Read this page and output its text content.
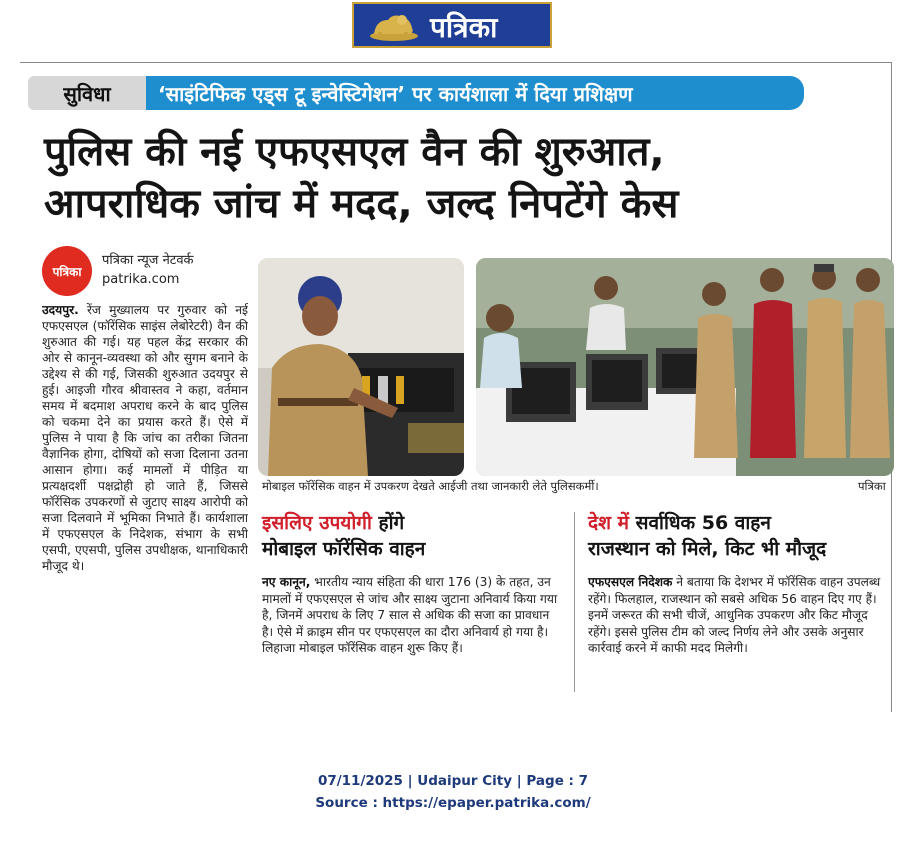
पत्रिका
सुविधा	‘साइंटिफिक एड्स टू इन्वेस्टिगेशन’ पर कार्यशाला में दिया प्रशिक्षण
पुलिस की नई एफएसएल वैन की शुरुआत,
आपराधिक जांच में मदद, जल्द निपटेंगे केस
पत्रिका
पत्रिका न्यूज नेटवर्क
patrika.com
उदयपुर. रेंज मुख्यालय पर गुरुवार को नई एफएसएल (फॉरेंसिक साइंस लेबोरेटरी) वैन की शुरुआत की गई। यह पहल केंद्र सरकार की ओर से कानून-व्यवस्था को और सुगम बनाने के उद्देश्य से की गई, जिसकी शुरुआत उदयपुर से हुई। आइजी गौरव श्रीवास्तव ने कहा, वर्तमान समय में बदमाश अपराध करने के बाद पुलिस को चकमा देने का प्रयास करते हैं। ऐसे में पुलिस ने पाया है कि जांच का तरीका जितना वैज्ञानिक होगा, दोषियों को सजा दिलाना उतना आसान होगा। कई मामलों में पीड़ित या प्रत्यक्षदर्शी पक्षद्रोही हो जाते हैं, जिससे फॉरेंसिक उपकरणों से जुटाए साक्ष्य आरोपी को सजा दिलवाने में भूमिका निभाते हैं। कार्यशाला में एफएसएल के निदेशक, संभाग के सभी एसपी, एएसपी, पुलिस उपधीक्षक, थानाधिकारी मौजूद थे।
मोबाइल फॉरेंसिक वाहन में उपकरण देखते आईजी तथा जानकारी लेते पुलिसकर्मी।	पत्रिका
इसलिए उपयोगी होंगे
मोबाइल फॉरेंसिक वाहन
देश में सर्वाधिक 56 वाहन
राजस्थान को मिले, किट भी मौजूद
नए कानून, भारतीय न्याय संहिता की धारा 176 (3) के तहत, उन मामलों में एफएसएल से जांच और साक्ष्य जुटाना अनिवार्य किया गया है, जिनमें अपराध के लिए 7 साल से अधिक की सजा का प्रावधान है। ऐसे में क्राइम सीन पर एफएसएल का दौरा अनिवार्य हो गया है। लिहाजा मोबाइल फॉरेंसिक वाहन शुरू किए हैं।
एफएसएल निदेशक ने बताया कि देशभर में फॉरेंसिक वाहन उपलब्ध रहेंगे। फिलहाल, राजस्थान को सबसे अधिक 56 वाहन दिए गए हैं। इनमें जरूरत की सभी चीजें, आधुनिक उपकरण और किट मौजूद रहेंगे। इससे पुलिस टीम को जल्द निर्णय लेने और उसके अनुसार कार्रवाई करने में काफी मदद मिलेगी।
07/11/2025 | Udaipur City | Page : 7
Source : https://epaper.patrika.com/
